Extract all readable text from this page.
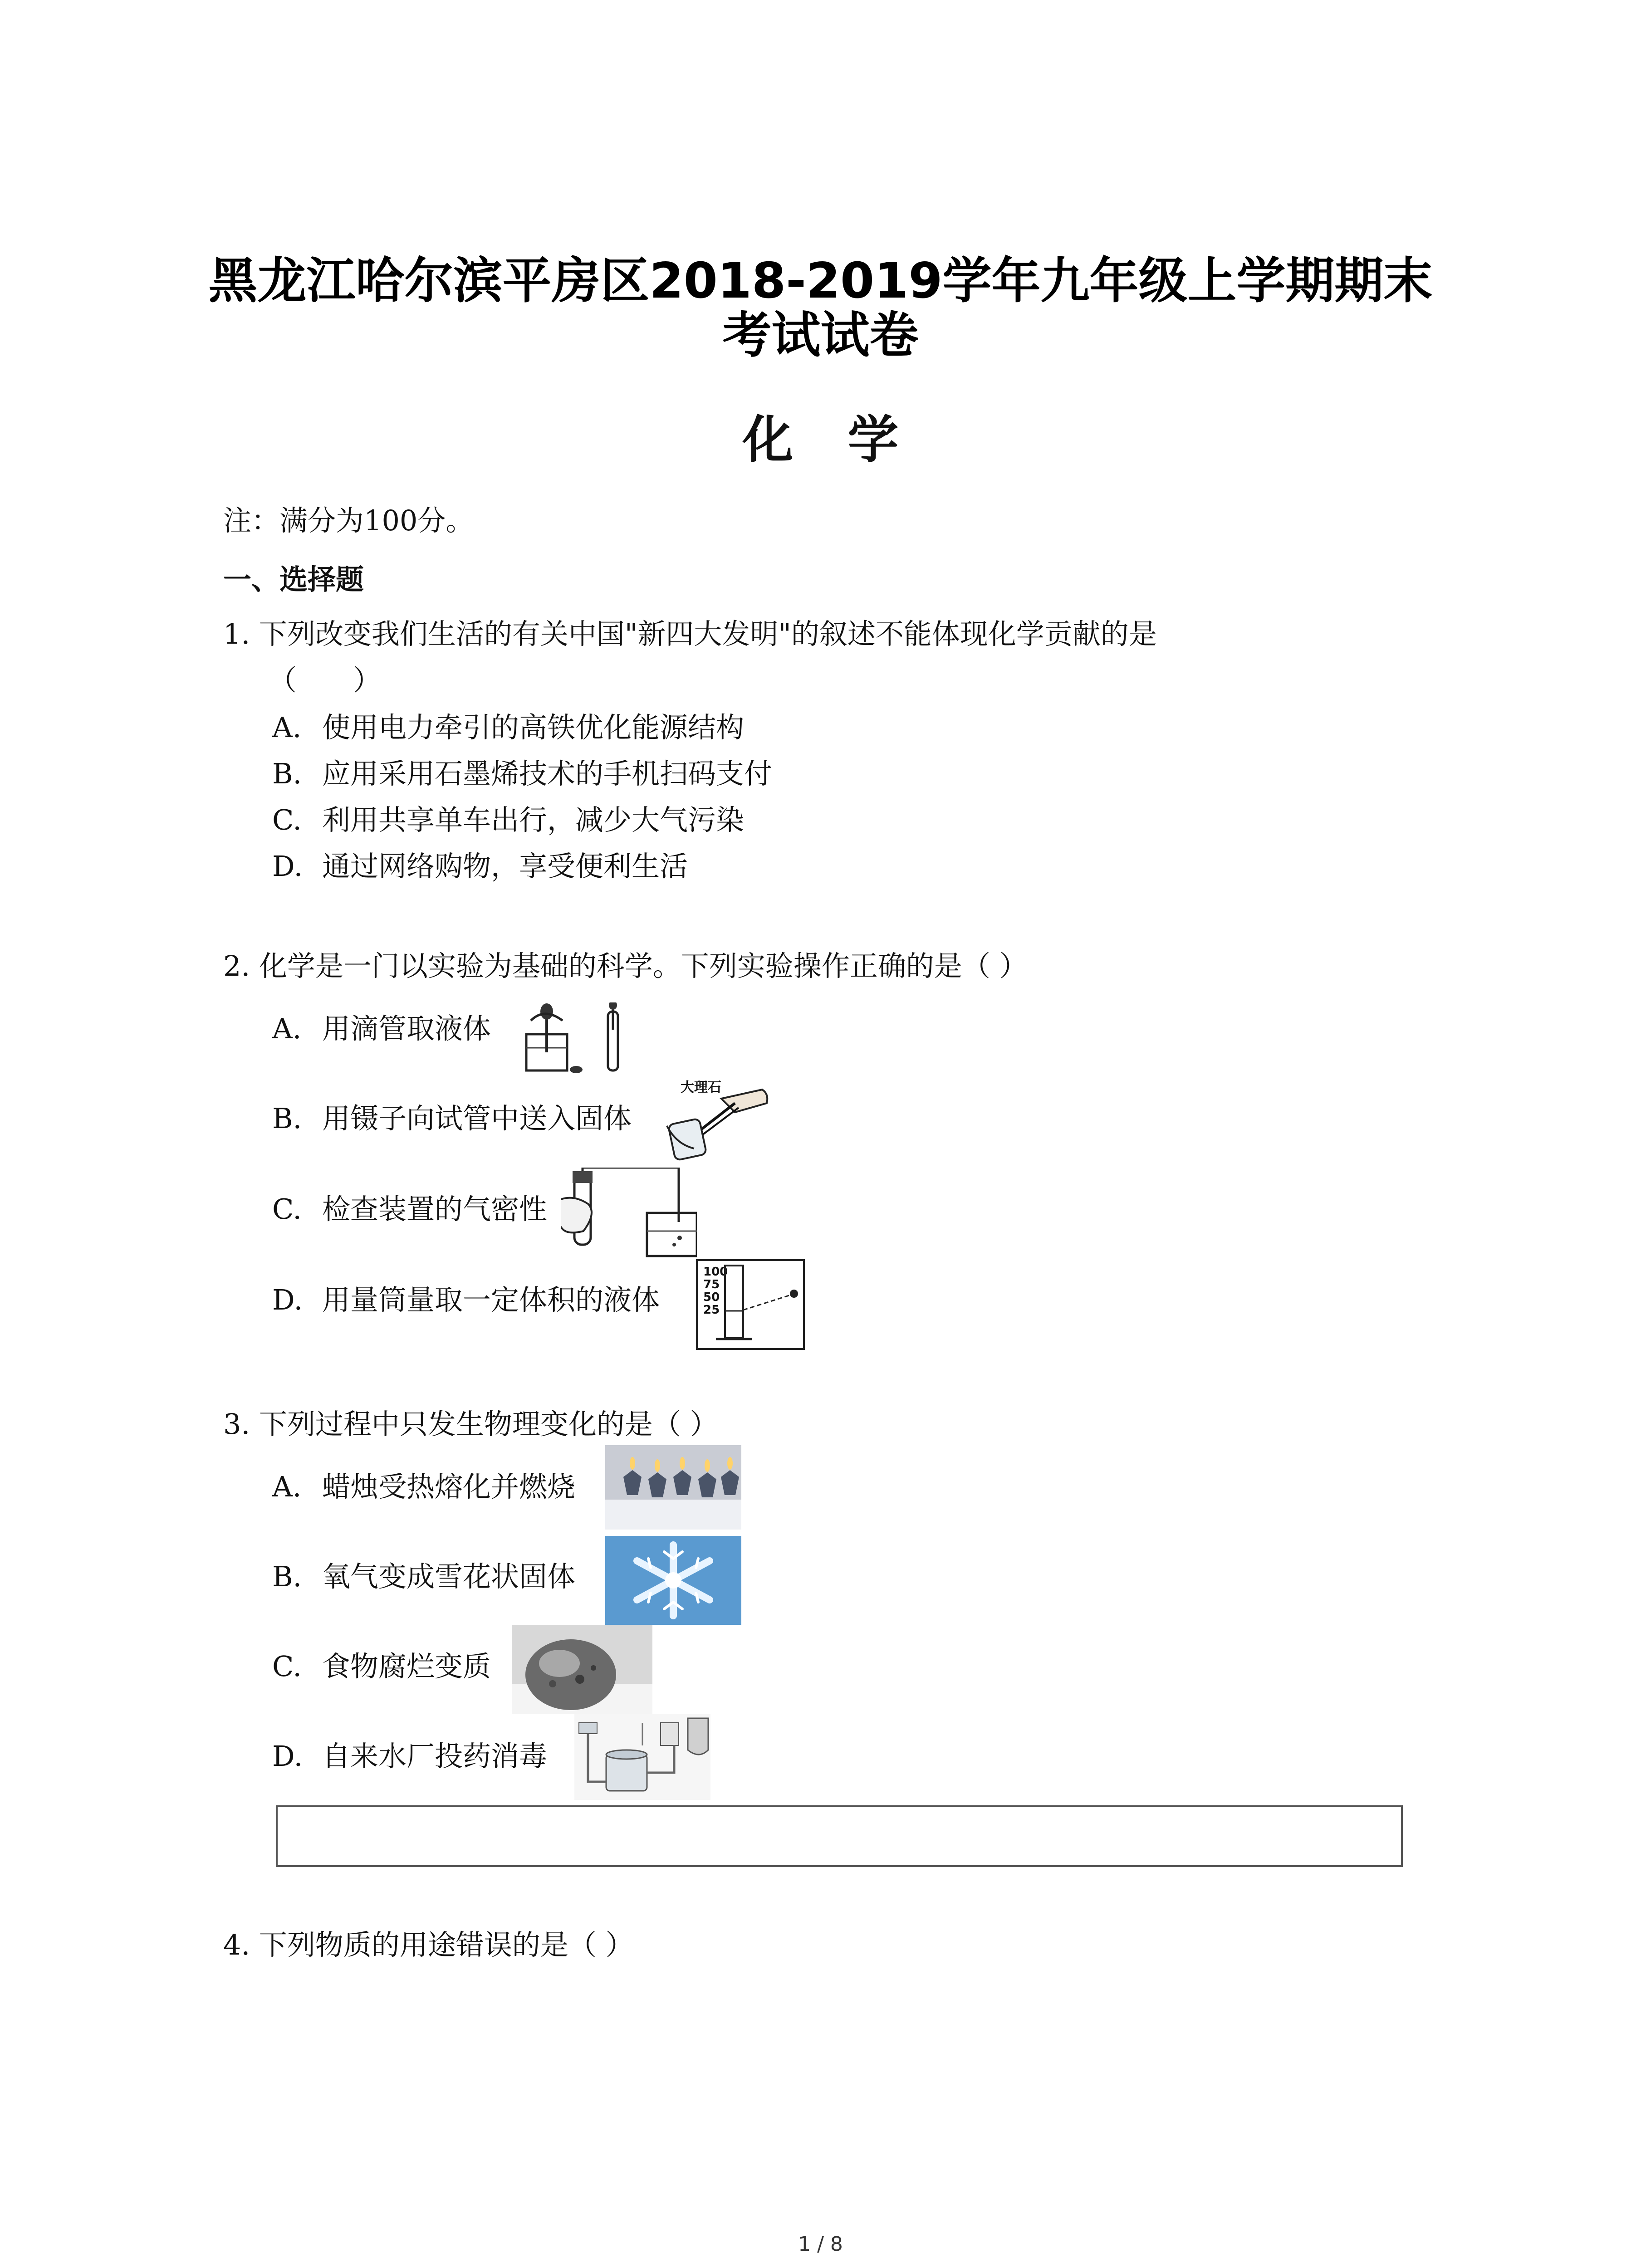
黑龙江哈尔滨平房区2018-2019学年九年级上学期期末
考试试卷
化学
注：满分为100分。
一、选择题
1. 下列改变我们生活的有关中国"新四大发明"的叙述不能体现化学贡献的是
（　　）
A. 使用电力牵引的高铁优化能源结构
B. 应用采用石墨烯技术的手机扫码支付
C. 利用共享单车出行，减少大气污染
D. 通过网络购物，享受便利生活
2. 化学是一门以实验为基础的科学。下列实验操作正确的是（ ）
A. 用滴管取液体
B. 用镊子向试管中送入固体
大理石
C. 检查装置的气密性
D. 用量筒量取一定体积的液体
100
75
50
25
3. 下列过程中只发生物理变化的是（ ）
A. 蜡烛受热熔化并燃烧
B. 氧气变成雪花状固体
C. 食物腐烂变质
D. 自来水厂投药消毒
4. 下列物质的用途错误的是（ ）
1 / 8
